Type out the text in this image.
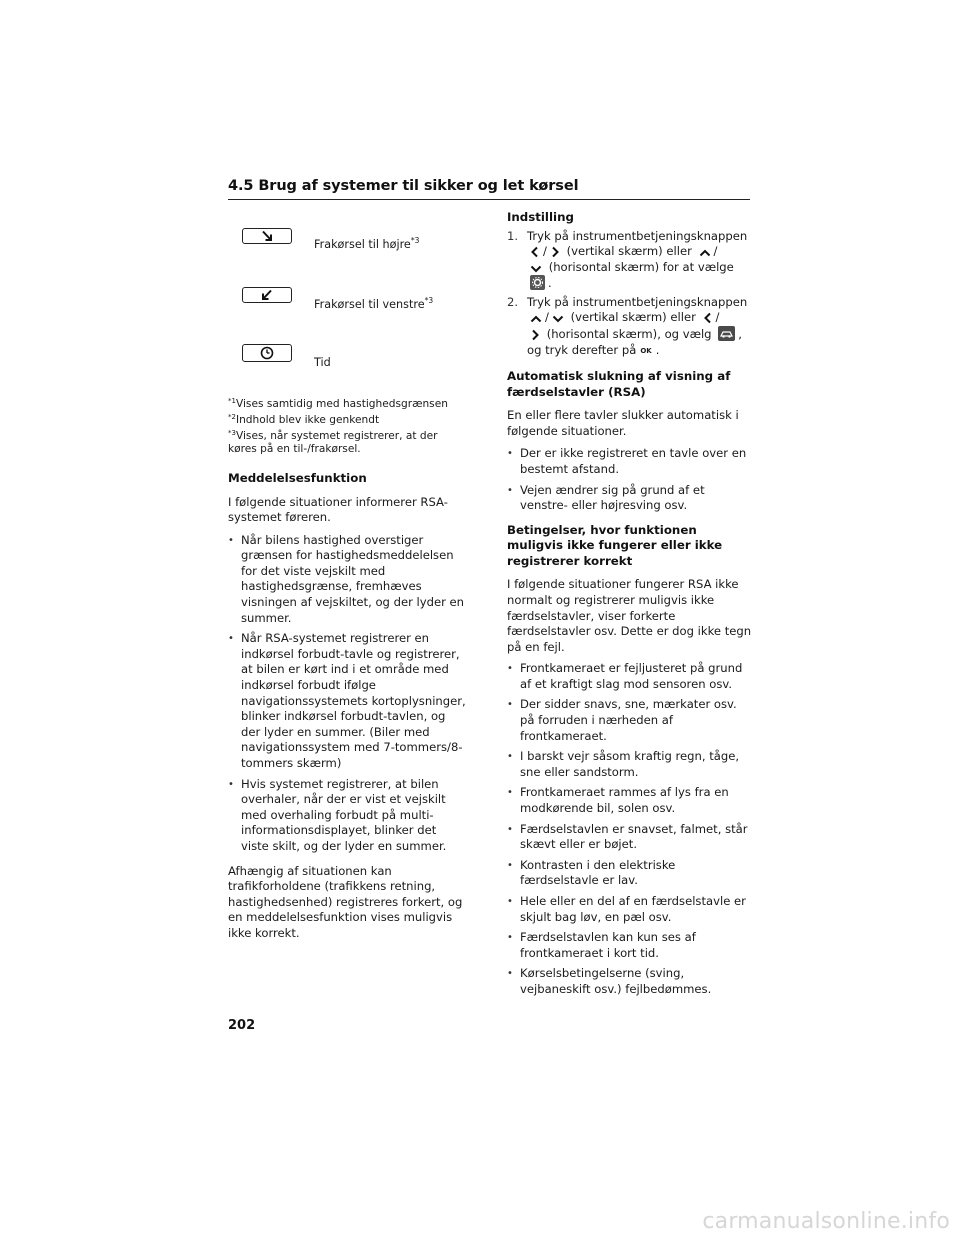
4.5 Brug af systemer til sikker og let kørsel
Frakørsel til højre$^{*3}$
Frakørsel til venstre$^{*3}$
Tid
$^{*1}$Vises samtidig med hastighedsgrænsen
$^{*2}$Indhold blev ikke genkendt
$^{*3}$Vises, når systemet registrerer, at der køres på en til-/frakørsel.
Meddelelsesfunktion

I følgende situationer informerer RSA-systemet føreren.

• Når bilens hastighed overstiger grænsen for hastighedsmeddelelsen for det viste vejskilt med hastighedsgrænse, fremhæves visningen af vejskiltet, og der lyder en summer.
• Når RSA-systemet registrerer en indkørsel forbudt-tavle og registrerer, at bilen er kørt ind i et område med indkørsel forbudt ifølge navigationssystemets kortoplysninger, blinker indkørsel forbudt-tavlen, og der lyder en summer. (Biler med navigationssystem med 7-tommers/8-tommers skærm)
• Hvis systemet registrerer, at bilen overhaler, når der er vist et vejskilt med overhaling forbudt på multi-informationsdisplayet, blinker det viste skilt, og der lyder en summer.

Afhængig af situationen kan trafikforholdene (trafikkens retning, hastighedsenhed) registreres forkert, og en meddelelsesfunktion vises muligvis ikke korrekt.

Indstilling
1. Tryk på instrumentbetjeningsknappen
/ (vertikal skærm) eller /
(horisontal skærm) for at vælge
.
2. Tryk på instrumentbetjeningsknappen
/ (vertikal skærm) eller /
(horisontal skærm), og vælg ,
og tryk derefter på OK .
Automatisk slukning af visning af færdselstavler (RSA)

En eller flere tavler slukker automatisk i følgende situationer.

• Der er ikke registreret en tavle over en bestemt afstand.
• Vejen ændrer sig på grund af et venstre- eller højresving osv.
Betingelser, hvor funktionen muligvis ikke fungerer eller ikke registrerer korrekt

I følgende situationer fungerer RSA ikke normalt og registrerer muligvis ikke færdselstavler, viser forkerte færdselstavler osv. Dette er dog ikke tegn på en fejl.

• Frontkameraet er fejljusteret på grund af et kraftigt slag mod sensoren osv.
• Der sidder snavs, sne, mærkater osv. på forruden i nærheden af frontkameraet.
• I barskt vejr såsom kraftig regn, tåge, sne eller sandstorm.
• Frontkameraet rammes af lys fra en modkørende bil, solen osv.
• Færdselstavlen er snavset, falmet, står skævt eller er bøjet.
• Kontrasten i den elektriske færdselstavle er lav.
• Hele eller en del af en færdselstavle er skjult bag løv, en pæl osv.
• Færdselstavlen kan kun ses af frontkameraet i kort tid.
• Kørselsbetingelserne (sving, vejbaneskift osv.) fejlbedømmes.
202
carmanualsonline.info
